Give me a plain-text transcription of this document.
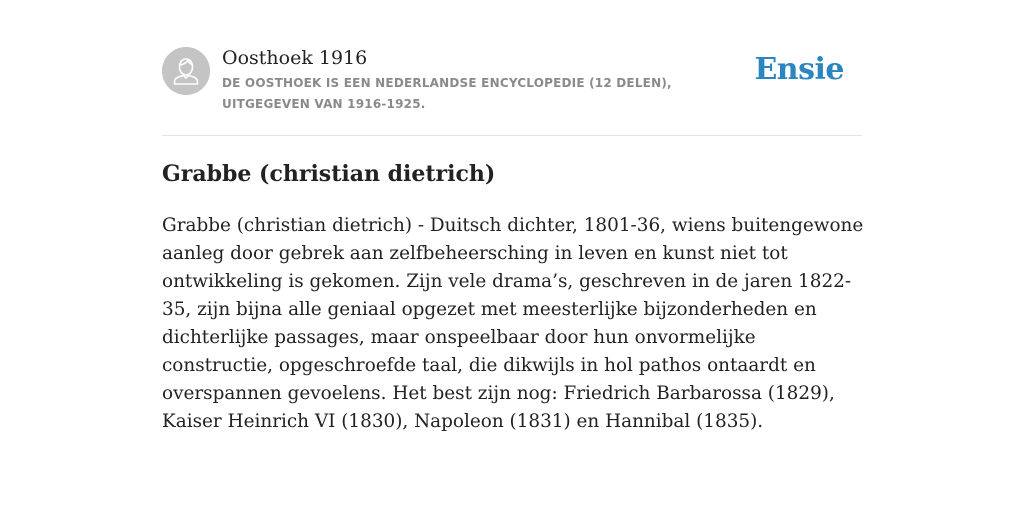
Oosthoek 1916
DE OOSTHOEK IS EEN NEDERLANDSE ENCYCLOPEDIE (12 DELEN), UITGEGEVEN VAN 1916-1925.
Ensie
Grabbe (christian dietrich)

Grabbe (christian dietrich) - Duitsch dichter, 1801-36, wiens buitengewone aanleg door gebrek aan zelfbeheersching in leven en kunst niet tot ontwikkeling is gekomen. Zijn vele drama’s, geschreven in de jaren 1822-35, zijn bijna alle geniaal opgezet met meesterlijke bijzonderheden en dichterlijke passages, maar onspeelbaar door hun onvormelijke constructie, opgeschroefde taal, die dikwijls in hol pathos ontaardt en overspannen gevoelens. Het best zijn nog: Friedrich Barbarossa (1829), Kaiser Heinrich VI (1830), Napoleon (1831) en Hannibal (1835).
